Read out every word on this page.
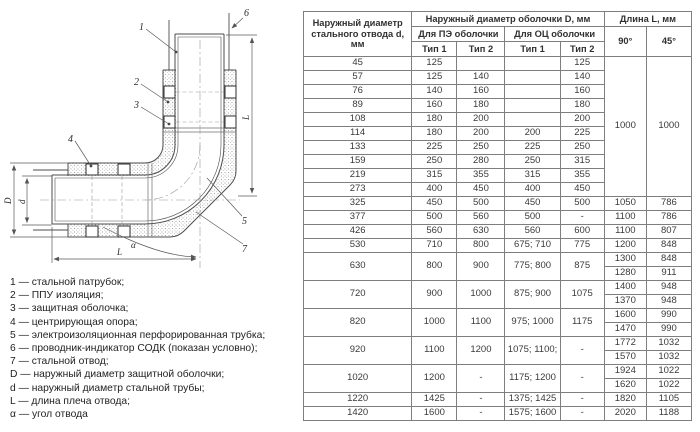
1
2
3
4
5
6
7
L
L
D d
α
1 — стальной патрубок;
2 — ППУ изоляция;
3 — защитная оболочка;
4 — центрирующая опора;
5 — электроизоляционная перфорированная трубка;
6 — проводник-индикатор СОДК (показан условно);
7 — стальной отвод;
D — наружный диаметр защитной оболочки;
d — наружный диаметр стальной трубы;
L — длина плеча отвода;
α — угол отвода
Наружный диаметр стального отвода d, мм	Наружный диаметр оболочки D, мм				Длина L, мм	
	Для ПЭ оболочки		Для ОЦ оболочки		90°	45°
	Тип 1	Тип 2	Тип 1	Тип 2		
45	125			125	1000	1000
57	125	140		140		
76	140	160		160		
89	160	180		180		
108	180	200		200		
114	180	200	200	225		
133	225	250	225	250		
159	250	280	250	315		
219	315	355	315	355		
273	400	450	400	450		
325	450	500	450	500	1050	786
377	500	560	500	-	1100	786
426	560	630	560	600	1100	807
530	710	800	675; 710	775	1200	848
630	800	900	775; 800	875	1300	848
					1280	911
720	900	1000	875; 900	1075	1400	948
					1370	948
820	1000	1100	975; 1000	1175	1600	990
					1470	990
920	1100	1200	1075; 1100;	-	1772	1032
					1570	1032
1020	1200	-	1175; 1200	-	1924	1022
					1620	1022
1220	1425	-	1375; 1425	-	1820	1105
1420	1600	-	1575; 1600	-	2020	1188
